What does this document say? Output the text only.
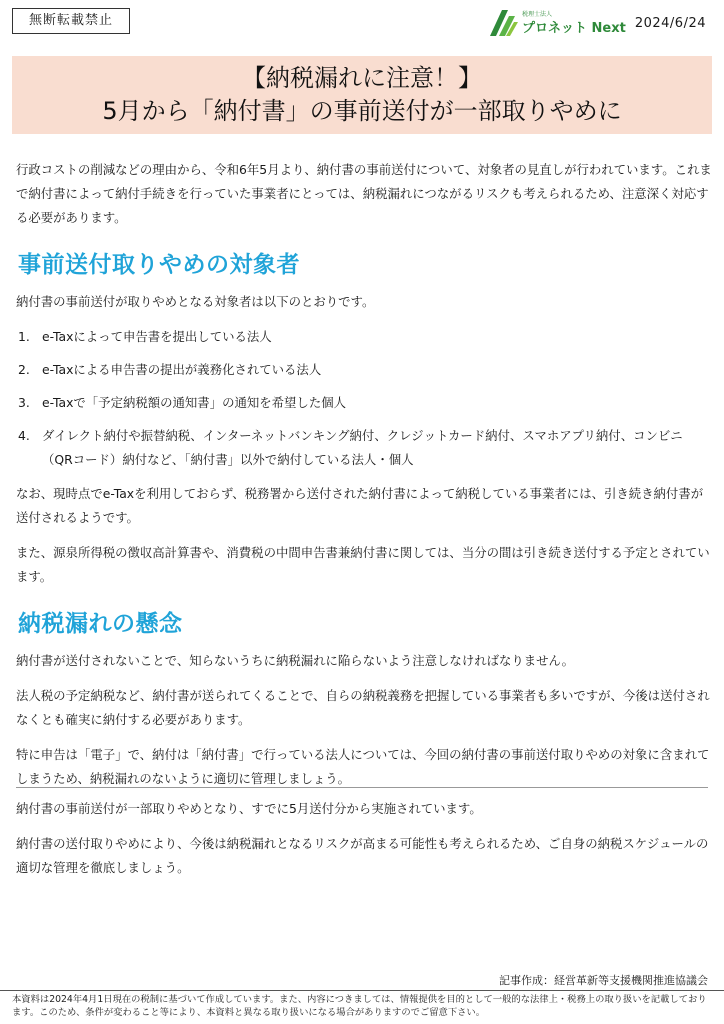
無断転載禁止	税理士法人
プロネット Next 2024/6/24
【納税漏れに注意！】
5月から「納付書」の事前送付が一部取りやめに

行政コストの削減などの理由から、令和6年5月より、納付書の事前送付について、対象者の見直しが行われています。これまで納付書によって納付手続きを行っていた事業者にとっては、納税漏れにつながるリスクも考えられるため、注意深く対応する必要があります。

事前送付取りやめの対象者

納付書の事前送付が取りやめとなる対象者は以下のとおりです。

1. e-Taxによって申告書を提出している法人
2. e-Taxによる申告書の提出が義務化されている法人
3. e-Taxで「予定納税額の通知書」の通知を希望した個人
4. ダイレクト納付や振替納税、インターネットバンキング納付、クレジットカード納付、スマホアプリ納付、コンビニ（QRコード）納付など、「納付書」以外で納付している法人・個人

なお、現時点でe-Taxを利用しておらず、税務署から送付された納付書によって納税している事業者には、引き続き納付書が送付されるようです。

また、源泉所得税の徴収高計算書や、消費税の中間申告書兼納付書に関しては、当分の間は引き続き送付する予定とされています。

納税漏れの懸念

納付書が送付されないことで、知らないうちに納税漏れに陥らないよう注意しなければなりません。

法人税の予定納税など、納付書が送られてくることで、自らの納税義務を把握している事業者も多いですが、今後は送付されなくとも確実に納付する必要があります。

特に申告は「電子」で、納付は「納付書」で行っている法人については、今回の納付書の事前送付取りやめの対象に含まれてしまうため、納税漏れのないように適切に管理しましょう。

納付書の事前送付が一部取りやめとなり、すでに5月送付分から実施されています。

納付書の送付取りやめにより、今後は納税漏れとなるリスクが高まる可能性も考えられるため、ご自身の納税スケジュールの適切な管理を徹底しましょう。

記事作成：経営革新等支援機関推進協議会
本資料は2024年4月1日現在の税制に基づいて作成しています。また、内容につきましては、情報提供を目的として一般的な法律上・税務上の取り扱いを記載しております。このため、条件が変わること等により、本資料と異なる取り扱いになる場合がありますのでご留意下さい。
